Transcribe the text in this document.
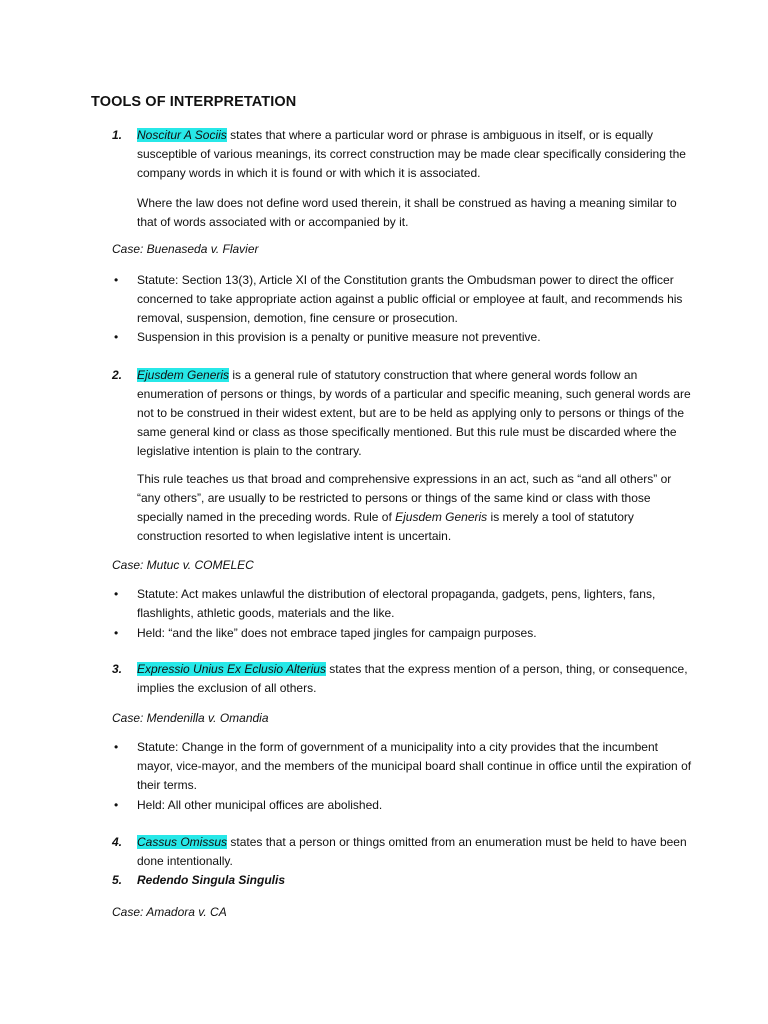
TOOLS OF INTERPRETATION
1. Noscitur A Sociis states that where a particular word or phrase is ambiguous in itself, or is equally susceptible of various meanings, its correct construction may be made clear specifically considering the company words in which it is found or with which it is associated.
Where the law does not define word used therein, it shall be construed as having a meaning similar to that of words associated with or accompanied by it.
Case: Buenaseda v. Flavier
• Statute: Section 13(3), Article XI of the Constitution grants the Ombudsman power to direct the officer concerned to take appropriate action against a public official or employee at fault, and recommends his removal, suspension, demotion, fine censure or prosecution.
• Suspension in this provision is a penalty or punitive measure not preventive.
2. Ejusdem Generis is a general rule of statutory construction that where general words follow an enumeration of persons or things, by words of a particular and specific meaning, such general words are not to be construed in their widest extent, but are to be held as applying only to persons or things of the same general kind or class as those specifically mentioned. But this rule must be discarded where the legislative intention is plain to the contrary.
This rule teaches us that broad and comprehensive expressions in an act, such as “and all others” or “any others”, are usually to be restricted to persons or things of the same kind or class with those specially named in the preceding words. Rule of Ejusdem Generis is merely a tool of statutory construction resorted to when legislative intent is uncertain.
Case: Mutuc v. COMELEC
• Statute: Act makes unlawful the distribution of electoral propaganda, gadgets, pens, lighters, fans, flashlights, athletic goods, materials and the like.
• Held: “and the like” does not embrace taped jingles for campaign purposes.
3. Expressio Unius Ex Eclusio Alterius states that the express mention of a person, thing, or consequence, implies the exclusion of all others.
Case: Mendenilla v. Omandia
• Statute: Change in the form of government of a municipality into a city provides that the incumbent mayor, vice-mayor, and the members of the municipal board shall continue in office until the expiration of their terms.
• Held: All other municipal offices are abolished.
4. Cassus Omissus states that a person or things omitted from an enumeration must be held to have been done intentionally.
5. Redendo Singula Singulis
Case: Amadora v. CA
